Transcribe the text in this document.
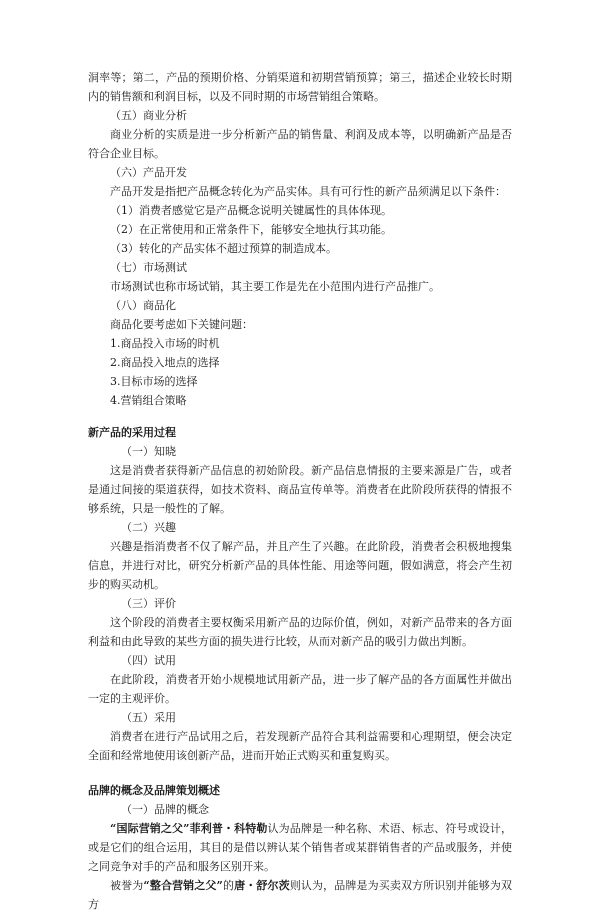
洞率等；第二，产品的预期价格、分销渠道和初期营销预算；第三，描述企业较长时期内的销售额和利润目标，以及不同时期的市场营销组合策略。

（五）商业分析

商业分析的实质是进一步分析新产品的销售量、利润及成本等，以明确新产品是否符合企业目标。

（六）产品开发

产品开发是指把产品概念转化为产品实体。具有可行性的新产品须满足以下条件：

（1）消费者感觉它是产品概念说明关键属性的具体体现。

（2）在正常使用和正常条件下，能够安全地执行其功能。

（3）转化的产品实体不超过预算的制造成本。

（七）市场测试

市场测试也称市场试销，其主要工作是先在小范围内进行产品推广。

（八）商品化

商品化要考虑如下关键问题：

1.商品投入市场的时机

2.商品投入地点的选择

3.目标市场的选择

4.营销组合策略

新产品的采用过程

（一）知晓

这是消费者获得新产品信息的初始阶段。新产品信息情报的主要来源是广告，或者是通过间接的渠道获得，如技术资料、商品宣传单等。消费者在此阶段所获得的情报不够系统，只是一般性的了解。

（二）兴趣

兴趣是指消费者不仅了解产品，并且产生了兴趣。在此阶段，消费者会积极地搜集信息，并进行对比，研究分析新产品的具体性能、用途等问题，假如满意，将会产生初步的购买动机。

（三）评价

这个阶段的消费者主要权衡采用新产品的边际价值，例如，对新产品带来的各方面利益和由此导致的某些方面的损失进行比较，从而对新产品的吸引力做出判断。

（四）试用

在此阶段，消费者开始小规模地试用新产品，进一步了解产品的各方面属性并做出一定的主观评价。

（五）采用

消费者在进行产品试用之后，若发现新产品符合其利益需要和心理期望，便会决定全面和经常地使用该创新产品，进而开始正式购买和重复购买。

品牌的概念及品牌策划概述

（一）品牌的概念

“国际营销之父”菲利普・科特勒认为品牌是一种名称、术语、标志、符号或设计，或是它们的组合运用，其目的是借以辨认某个销售者或某群销售者的产品或服务，并使之同竞争对手的产品和服务区别开来。

被誉为“整合营销之父”的唐・舒尔茨则认为，品牌是为买卖双方所识别并能够为双方
